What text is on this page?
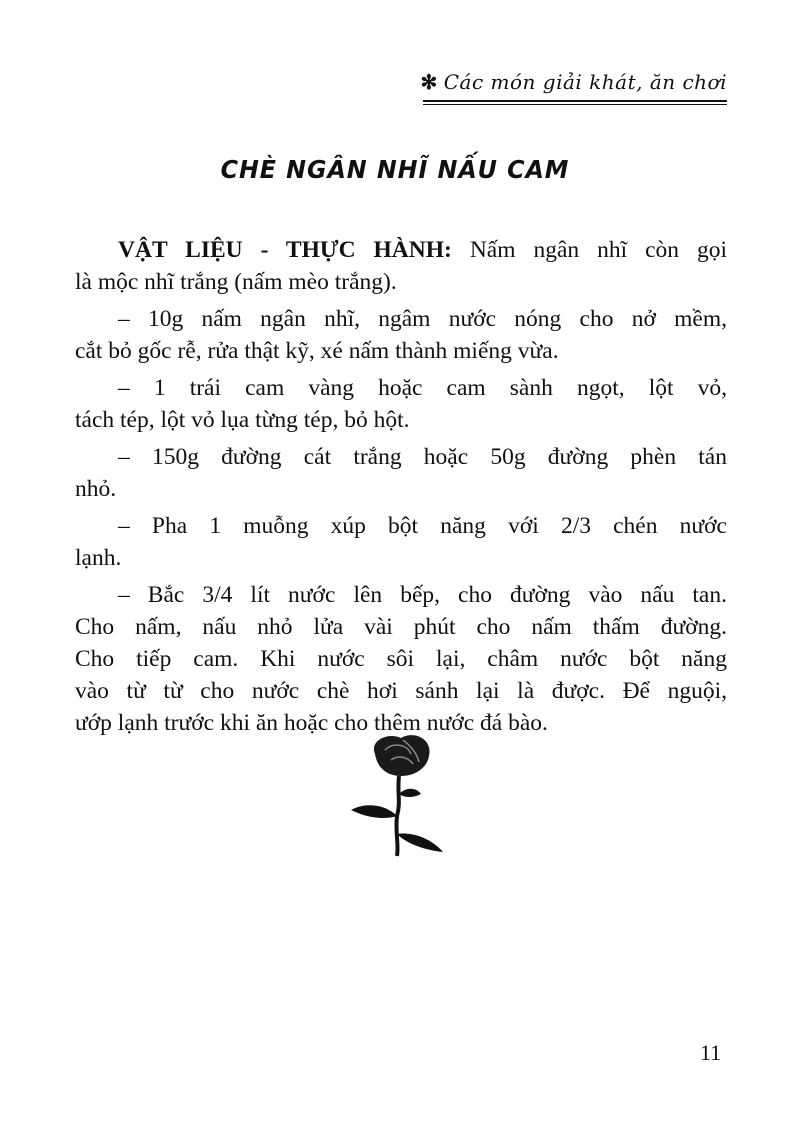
✻ Các món giải khát, ăn chơi
CHÈ NGÂN NHĨ NẤU CAM
VẬT LIỆU - THỰC HÀNH: Nấm ngân nhĩ còn gọi
là mộc nhĩ trắng (nấm mèo trắng).
– 10g nấm ngân nhĩ, ngâm nước nóng cho nở mềm,
cắt bỏ gốc rễ, rửa thật kỹ, xé nấm thành miếng vừa.
– 1 trái cam vàng hoặc cam sành ngọt, lột vỏ,
tách tép, lột vỏ lụa từng tép, bỏ hột.
– 150g đường cát trắng hoặc 50g đường phèn tán
nhỏ.
– Pha 1 muỗng xúp bột năng với 2/3 chén nước
lạnh.
– Bắc 3/4 lít nước lên bếp, cho đường vào nấu tan.
Cho nấm, nấu nhỏ lửa vài phút cho nấm thấm đường.
Cho tiếp cam. Khi nước sôi lại, châm nước bột năng
vào từ từ cho nước chè hơi sánh lại là được. Để nguội,
ướp lạnh trước khi ăn hoặc cho thêm nước đá bào.
11
